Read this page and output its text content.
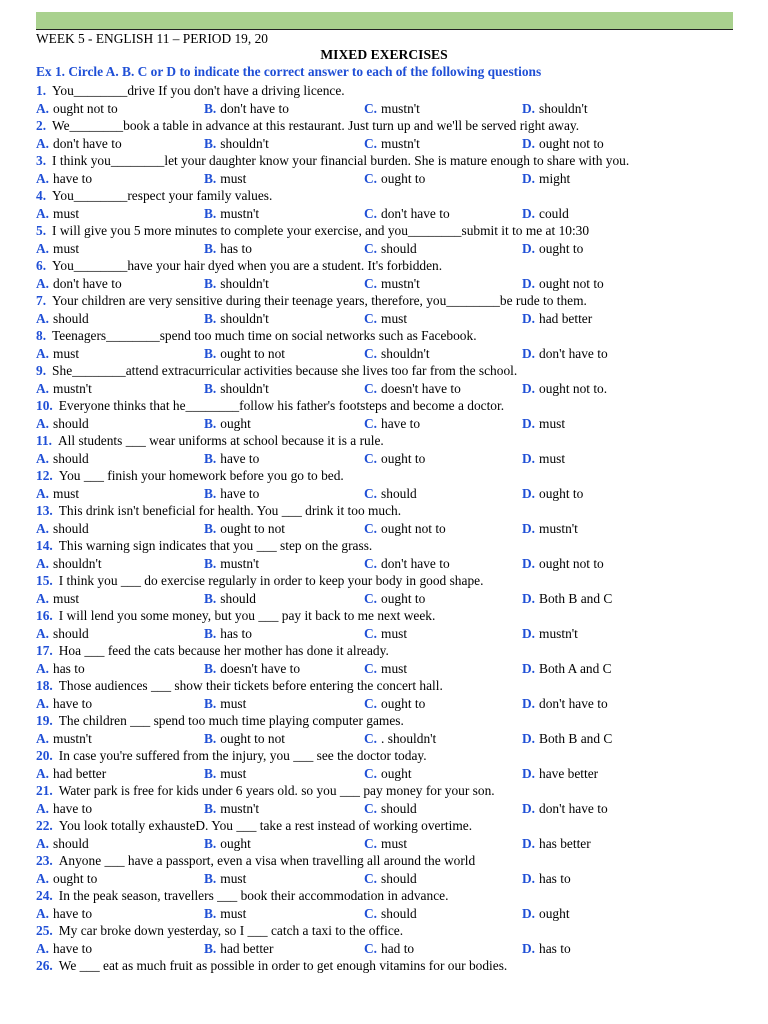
WEEK 5 - ENGLISH 11 – PERIOD 19, 20
MIXED EXERCISES
Ex 1. Circle A. B. C or D to indicate the correct answer to each of the following questions
1. You________drive If you don't have a driving licence.
A. ought not to	B. don't have to	C. mustn't	D. shouldn't
2. We________book a table in advance at this restaurant. Just turn up and we'll be served right away.
A. don't have to	B. shouldn't	C. mustn't	D. ought not to
3. I think you________let your daughter know your financial burden. She is mature enough to share with you.
A. have to	B. must	C. ought to	D. might
4. You________respect your family values.
A. must	B. mustn't	C. don't have to	D. could
5. I will give you 5 more minutes to complete your exercise, and you________submit it to me at 10:30
A. must	B. has to	C. should	D. ought to
6. You________have your hair dyed when you are a student. It's forbidden.
A. don't have to	B. shouldn't	C. mustn't	D. ought not to
7. Your children are very sensitive during their teenage years, therefore, you________be rude to them.
A. should	B. shouldn't	C. must	D. had better
8. Teenagers________spend too much time on social networks such as Facebook.
A. must	B. ought to not	C. shouldn't	D. don't have to
9. She________attend extracurricular activities because she lives too far from the school.
A. mustn't	B. shouldn't	C. doesn't have to	D. ought not to.
10. Everyone thinks that he________follow his father's footsteps and become a doctor.
A. should	B. ought	C. have to	D. must
11. All students ___ wear uniforms at school because it is a rule.
A. should	B. have to	C. ought to	D. must
12. You ___ finish your homework before you go to bed.
A. must	B. have to	C. should	D. ought to
13. This drink isn't beneficial for health. You ___ drink it too much.
A. should	B. ought to not	C. ought not to	D. mustn't
14. This warning sign indicates that you ___ step on the grass.
A. shouldn't	B. mustn't	C. don't have to	D. ought not to
15. I think you ___ do exercise regularly in order to keep your body in good shape.
A. must	B. should	C. ought to	D. Both B and C
16. I will lend you some money, but you ___ pay it back to me next week.
A. should	B. has to	C. must	D. mustn't
17. Hoa ___ feed the cats because her mother has done it already.
A. has to	B. doesn't have to	C. must	D. Both A and C
18. Those audiences ___ show their tickets before entering the concert hall.
A. have to	B. must	C. ought to	D. don't have to
19. The children ___ spend too much time playing computer games.
A. mustn't	B. ought to not	C. . shouldn't	D. Both B and C
20. In case you're suffered from the injury, you ___ see the doctor today.
A. had better	B. must	C. ought	D. have better
21. Water park is free for kids under 6 years old. so you ___ pay money for your son.
A. have to	B. mustn't	C. should	D. don't have to
22. You look totally exhausteD. You ___ take a rest instead of working overtime.
A. should	B. ought	C. must	D. has better
23. Anyone ___ have a passport, even a visa when travelling all around the world
A. ought to	B. must	C. should	D. has to
24. In the peak season, travellers ___ book their accommodation in advance.
A. have to	B. must	C. should	D. ought
25. My car broke down yesterday, so I ___ catch a taxi to the office.
A. have to	B. had better	C. had to	D. has to
26. We ___ eat as much fruit as possible in order to get enough vitamins for our bodies.
